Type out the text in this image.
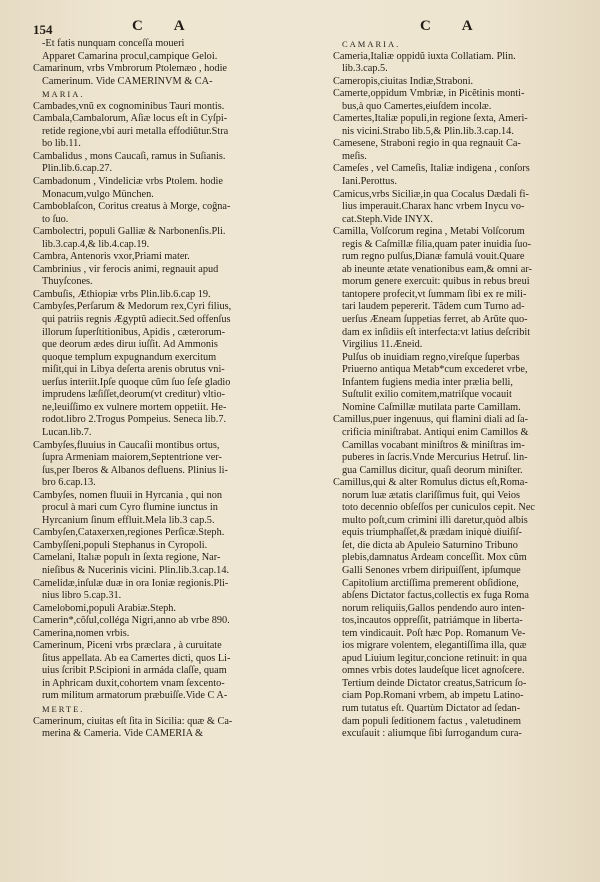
154	C A	C A
-Et fatis nunquam conceſſa moueri
Apparet Camarina procul,campique Geloi.
Camarinum, vrbs Vmbrorum Ptolemæo , hodie
Camerinum. Vide CAMERINVM & CA-
MARIA.
Cambades,vnũ ex cognominibus Tauri montis.
Cambala,Cambalorum, Aſiæ locus eſt in Cyſpi-
retide regione,vbi auri metalla effodiũtur.Stra
bo lib.11.
Cambalidus , mons Caucaſi, ramus in Suſianis.
Plin.lib.6.cap.27.
Cambadonum , Vindeliciæ vrbs Ptolem. hodie
Monacum,vulgo München.
Camboblaſcon, Coritus creatus à Morge, coĝna-
to ſuo.
Cambolectri, populi Galliæ & Narbonenſis.Pli.
lib.3.cap.4,& lib.4.cap.19.
Cambra, Antenoris vxor,Priami mater.
Cambrinius , vir ferocis animi, regnauit apud
Thuyſcones.
Cambuſis, Æthiopiæ vrbs Plin.lib.6.cap 19.
Cambyſes,Perſarum & Medorum rex,Cyri filius,
qui patriis regnis Ægyptũ adiecit.Sed offenſus
illorum ſuperſtitionibus, Apidis , cæterorum-
que deorum ædes diruı iuſſit. Ad Ammonis
quoque templum expugnandum exercitum
miſit,qui in Libya deſerta arenis obrutus vni-
uerſus interiit.Ipſe quoque cũm ſuo ſeſe gladio
imprudens læſiſſet,deorum(vt creditur) vltio-
ne,leuiſſimo ex vulnere mortem oppetiit. He-
rodot.libro 2.Trogus Pompeius. Seneca lib.7.
Lucan.lib.7.
Cambyſes,fluuius in Caucaſii montibus ortus,
ſupra Armeniam maiorem,Septentrione ver-
ſus,per Iberos & Albanos defluens. Plinius li-
bro 6.cap.13.
Cambyſes, nomen fluuii in Hyrcania , qui non
procul à mari cum Cyro flumine iunctus in
Hyrcanium ſinum effluit.Mela lib.3 cap.5.
Cambyſen,Cataxerxen,regiones Perſicæ.Steph.
Cambyſſeni,populi Stephanus in Cyropoli.
Camelani, Italıæ populı in ſexta regione, Nar-
nieſibus & Nucerinis vicini. Plin.lib.3.cap.14.
Camelidæ,inſulæ duæ in ora Ioniæ regionis.Pli-
nius libro 5.cap.31.
Camelobomi,populi Arabiæ.Steph.
Camerin*,cõſul,colléga Nigri,anno ab vrbe 890.
Camerina,nomen vrbis.
Camerinum, Piceni vrbs præclara , à curuitate
ſitus appellata. Ab ea Camertes dicti, quos Li-
uius ſcribit P.Scipioni in armáda claſſe, quam
in Aphricam duxit,cohortem vnam ſexcento-
rum militum armatorum præbuiſſe.Vide C A-
MERTE.
Camerinum, ciuitas eſt ſita in Sicilia: quæ & Ca-
merina & Cameria. Vide CAMERIA &
CAMARIA.
Cameria,Italiæ oppidũ iuxta Collatiam. Plin.
lib.3.cap.5.
Cameropis,ciuitas Indiæ,Straboni.
Camerte,oppidum Vmbriæ, in Picẽtinis monti-
bus,à quo Camertes,eiuſdem incolæ.
Camertes,Italiæ populi,in regione ſexta, Ameri-
nis vicini.Strabo lib.5,& Plin.lib.3.cap.14.
Camesene, Straboni regio in qua regnauit Ca-
meſis.
Cameſes , vel Cameſis, Italiæ indigena , conſors
Iani.Perottus.
Camicus,vrbs Siciliæ,in qua Cocalus Dædali fi-
lius imperauit.Charax hanc vrbem Inycu vo-
cat.Steph.Vide INYX.
Camilla, Volſcorum regina , Metabi Volſcorum
regis & Caſmillæ filia,quam pater inuidia ſuo-
rum regno pulſus,Dianæ famulá vouit.Quare
ab ineunte ætate venationibus eam,& omni ar-
morum genere exercuit: quibus in rebus breui
tantopere profecit,vt ſummam ſibi ex re mili-
tari laudem pepererit. Tãdem cum Turno ad-
uerſus Æneam ſuppetias ferret, ab Arũte quo-
dam ex inſidiis eſt interfecta:vt latius deſcribit
Virgilius 11.Æneid.
Pulſus ob inuidiam regno,vireſque ſuperbas
Priuerno antiqua Metab*cum excederet vrbe,
Infantem fugiens media inter prælia belli,
Suſtulit exilio comitem,matriſque vocauit
Nomine Caſmillæ mutilata parte Camillam.
Camillus,puer ingenuus, qui flamini diali ad ſa-
crificia miniſtrabat. Antiqui enim Camillos &
Camillas vocabant miniſtros & miniſtras im-
puberes in ſacris.Vnde Mercurius Hetruſ. lin-
gua Camillus dicitur, quaſi deorum miniſter.
Camillus,qui & alter Romulus dictus eſt,Roma-
norum luæ ætatis clariſſimus fuit, qui Veios
toto decennio obſeſſos per cuniculos cepit. Nec
multo poſt,cum crimini illi daretur,quòd albis
equis triumphaſſet,& prædam iniquè diuiſiſ-
ſet, die dicta ab Apuleio Saturnino Tribuno
plebis,damnatus Ardeam conceſſit. Mox cũm
Galli Senones vrbem diripuiſſent, ipſumque
Capitolium arctiſſima premerent obſidione,
abſens Dictator factus,collectis ex fuga Roma
norum reliquiis,Gallos pendendo auro inten-
tos,incautos oppreſſit, patriámque in liberta-
tem vindicauit. Poſt hæc Pop. Romanum Ve-
ios migrare volentem, elegantiſſima illa, quæ
apud Liuium legitur,concione retinuit: in qua
omnes vrbis dotes laudeſque licet agnoſcere.
Tertium deinde Dictator creatus,Satricum ſo-
ciam Pop.Romani vrbem, ab impetu Latino-
rum tutatus eſt. Quartùm Dictator ad ſedan-
dam populi ſeditionem factus , valetudinem
excuſauit : aliumque ſibi ſurrogandum cura-
